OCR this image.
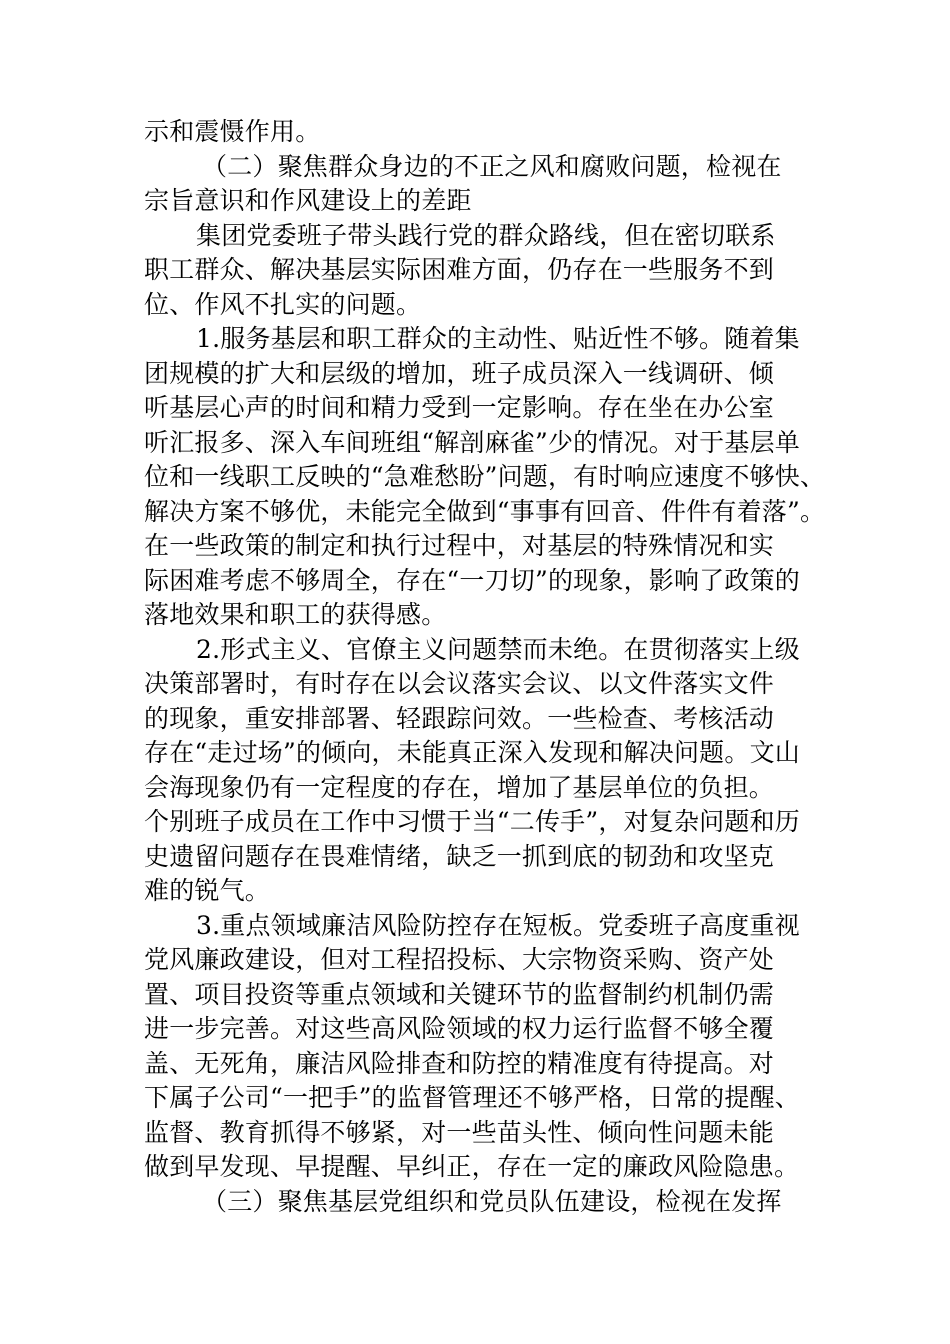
示和震慑作用。
（二）聚焦群众身边的不正之风和腐败问题，检视在
宗旨意识和作风建设上的差距
集团党委班子带头践行党的群众路线，但在密切联系
职工群众、解决基层实际困难方面，仍存在一些服务不到
位、作风不扎实的问题。
1.服务基层和职工群众的主动性、贴近性不够。随着集
团规模的扩大和层级的增加，班子成员深入一线调研、倾
听基层心声的时间和精力受到一定影响。存在坐在办公室
听汇报多、深入车间班组“解剖麻雀”少的情况。对于基层单
位和一线职工反映的“急难愁盼”问题，有时响应速度不够快、
解决方案不够优，未能完全做到“事事有回音、件件有着落”。
在一些政策的制定和执行过程中，对基层的特殊情况和实
际困难考虑不够周全，存在“一刀切”的现象，影响了政策的
落地效果和职工的获得感。
2.形式主义、官僚主义问题禁而未绝。在贯彻落实上级
决策部署时，有时存在以会议落实会议、以文件落实文件
的现象，重安排部署、轻跟踪问效。一些检查、考核活动
存在“走过场”的倾向，未能真正深入发现和解决问题。文山
会海现象仍有一定程度的存在，增加了基层单位的负担。
个别班子成员在工作中习惯于当“二传手”，对复杂问题和历
史遗留问题存在畏难情绪，缺乏一抓到底的韧劲和攻坚克
难的锐气。
3.重点领域廉洁风险防控存在短板。党委班子高度重视
党风廉政建设，但对工程招投标、大宗物资采购、资产处
置、项目投资等重点领域和关键环节的监督制约机制仍需
进一步完善。对这些高风险领域的权力运行监督不够全覆
盖、无死角，廉洁风险排查和防控的精准度有待提高。对
下属子公司“一把手”的监督管理还不够严格，日常的提醒、
监督、教育抓得不够紧，对一些苗头性、倾向性问题未能
做到早发现、早提醒、早纠正，存在一定的廉政风险隐患。
（三）聚焦基层党组织和党员队伍建设，检视在发挥
